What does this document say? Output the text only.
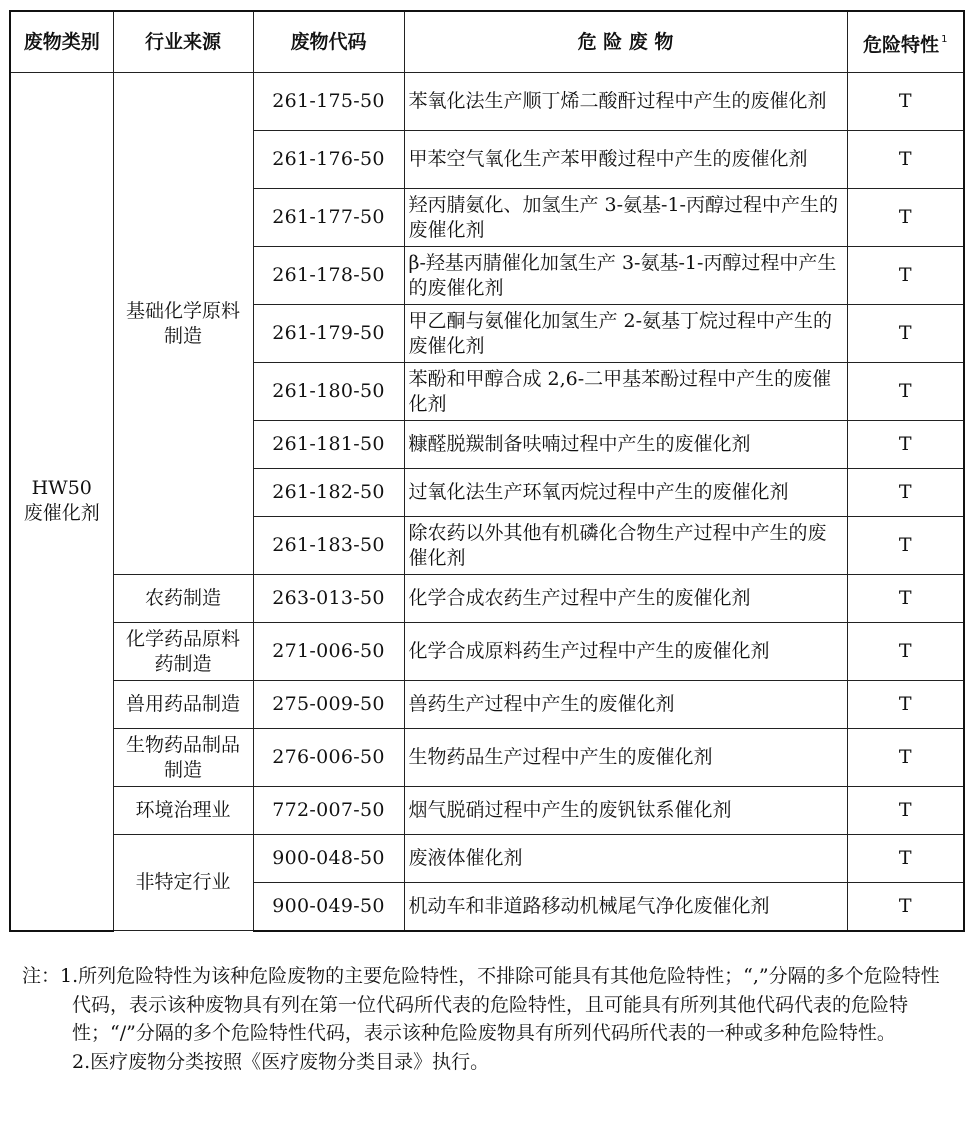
废物类别	行业来源	废物代码	危 险 废 物	危险特性 $^1$

HW50
废催化剂	基础化学原料制造	261-175-50	苯氧化法生产顺丁烯二酸酐过程中产生的废催化剂	T
		261-176-50	甲苯空气氧化生产苯甲酸过程中产生的废催化剂	T
		261-177-50	羟丙腈氨化、加氢生产 3-氨基-1-丙醇过程中产生的废催化剂	T
		261-178-50	β-羟基丙腈催化加氢生产 3-氨基-1-丙醇过程中产生的废催化剂	T
		261-179-50	甲乙酮与氨催化加氢生产 2-氨基丁烷过程中产生的废催化剂	T
		261-180-50	苯酚和甲醇合成 2,6-二甲基苯酚过程中产生的废催化剂	T
		261-181-50	糠醛脱羰制备呋喃过程中产生的废催化剂	T
		261-182-50	过氧化法生产环氧丙烷过程中产生的废催化剂	T
		261-183-50	除农药以外其他有机磷化合物生产过程中产生的废催化剂	T
	农药制造	263-013-50	化学合成农药生产过程中产生的废催化剂	T

	化学药品原料药制造	271-006-50	化学合成原料药生产过程中产生的废催化剂	T
	兽用药品制造	275-009-50	兽药生产过程中产生的废催化剂	T

	生物药品制品制造	276-006-50	生物药品生产过程中产生的废催化剂	T
	环境治理业	772-007-50	烟气脱硝过程中产生的废钒钛系催化剂	T
	非特定行业	900-048-50	废液体催化剂	T
		900-049-50	机动车和非道路移动机械尾气净化废催化剂	T

注：1.所列危险特性为该种危险废物的主要危险特性，不排除可能具有其他危险特性；“,”分隔的多个危险特性代码，表示该种废物具有列在第一位代码所代表的危险特性，且可能具有所列其他代码代表的危险特性；“/”分隔的多个危险特性代码，表示该种危险废物具有所列代码所代表的一种或多种危险特性。

2.医疗废物分类按照《医疗废物分类目录》执行。
